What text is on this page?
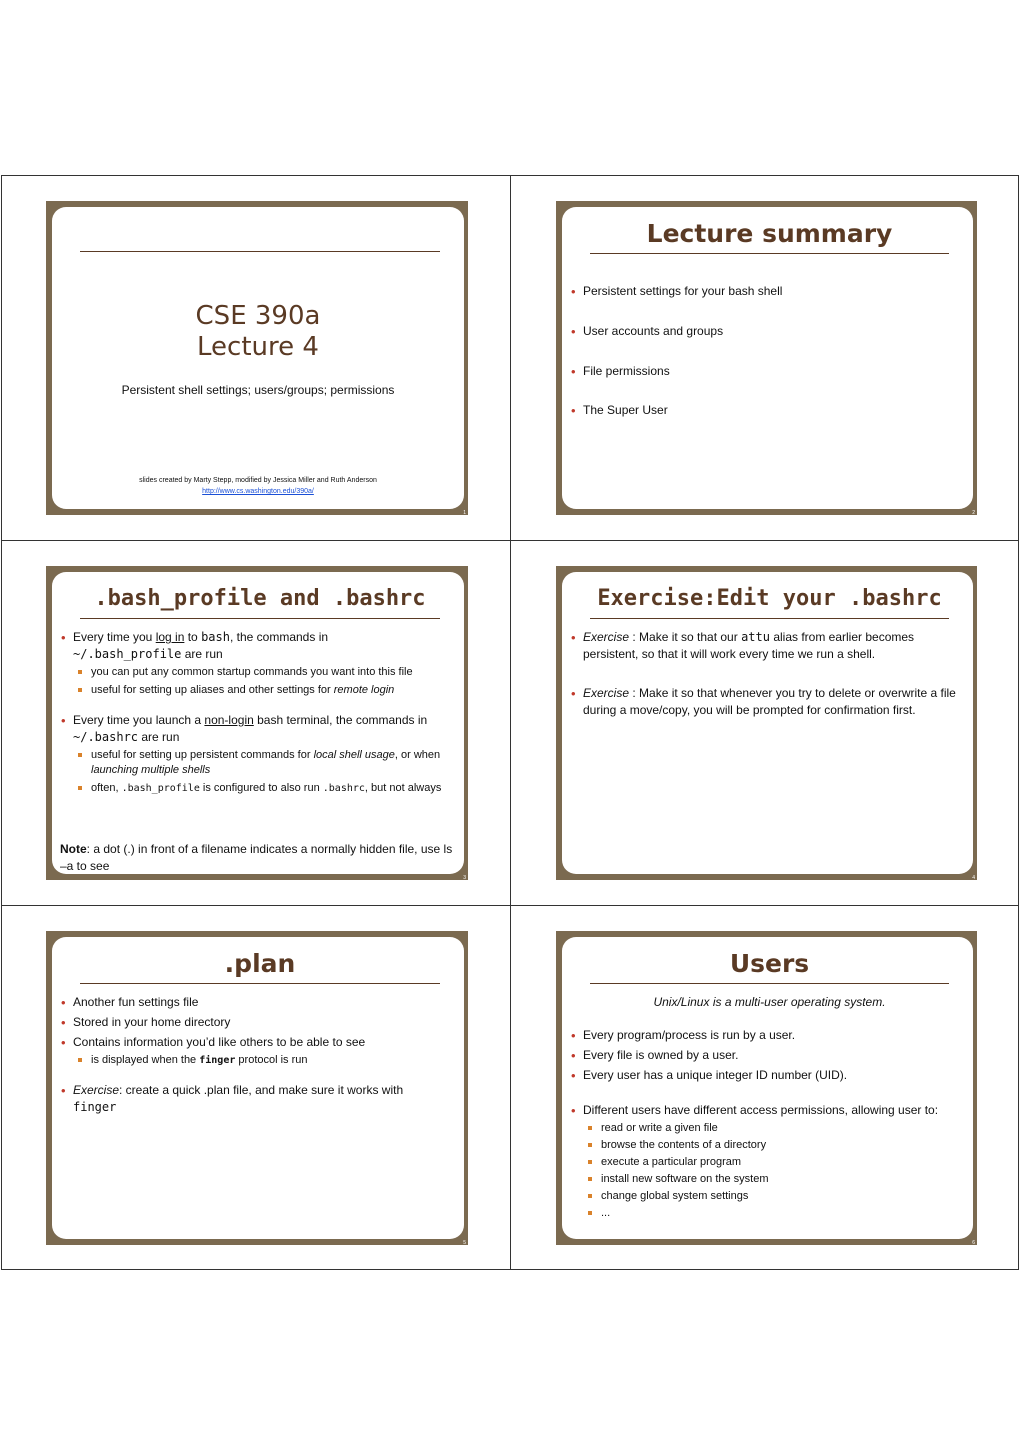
CSE 390a
Lecture 4
Persistent shell settings; users/groups; permissions
slides created by Marty Stepp, modified by Jessica Miller and Ruth Anderson
http://www.cs.washington.edu/390a/
1
Lecture summary
• Persistent settings for your bash shell
• User accounts and groups
• File permissions
• The Super User
2
.bash_profile and .bashrc
• Every time you log in to bash, the commands in
~/.bash_profile are run
you can put any common startup commands you want into this file
useful for setting up aliases and other settings for remote login
• Every time you launch a non-login bash terminal, the commands in
~/.bashrc are run
useful for setting up persistent commands for local shell usage, or when launching multiple shells
often, .bash_profile is configured to also run .bashrc, but not always
Note: a dot (.) in front of a filename indicates a normally hidden file, use ls –a to see
3
Exercise:Edit your .bashrc
• Exercise : Make it so that our attu alias from earlier becomes persistent, so that it will work every time we run a shell.
• Exercise : Make it so that whenever you try to delete or overwrite a file during a move/copy, you will be prompted for confirmation first.
4
.plan
• Another fun settings file
• Stored in your home directory
• Contains information you’d like others to be able to see
is displayed when the finger protocol is run
• Exercise: create a quick .plan file, and make sure it works with
finger
5
Users
Unix/Linux is a multi-user operating system.
• Every program/process is run by a user.
• Every file is owned by a user.
• Every user has a unique integer ID number (UID).
• Different users have different access permissions, allowing user to:
read or write a given file
browse the contents of a directory
execute a particular program
install new software on the system
change global system settings
...
6
